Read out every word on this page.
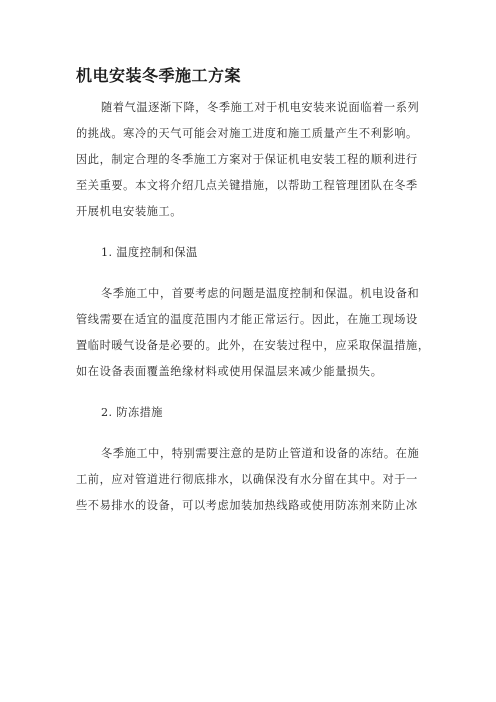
机电安装冬季施工方案
随着气温逐渐下降，冬季施工对于机电安装来说面临着一系列
的挑战。寒冷的天气可能会对施工进度和施工质量产生不利影响。
因此，制定合理的冬季施工方案对于保证机电安装工程的顺利进行
至关重要。本文将介绍几点关键措施，以帮助工程管理团队在冬季
开展机电安装施工。
1. 温度控制和保温
冬季施工中，首要考虑的问题是温度控制和保温。机电设备和
管线需要在适宜的温度范围内才能正常运行。因此，在施工现场设
置临时暖气设备是必要的。此外，在安装过程中，应采取保温措施，
如在设备表面覆盖绝缘材料或使用保温层来减少能量损失。
2. 防冻措施
冬季施工中，特别需要注意的是防止管道和设备的冻结。在施
工前，应对管道进行彻底排水，以确保没有水分留在其中。对于一
些不易排水的设备，可以考虑加装加热线路或使用防冻剂来防止冰
